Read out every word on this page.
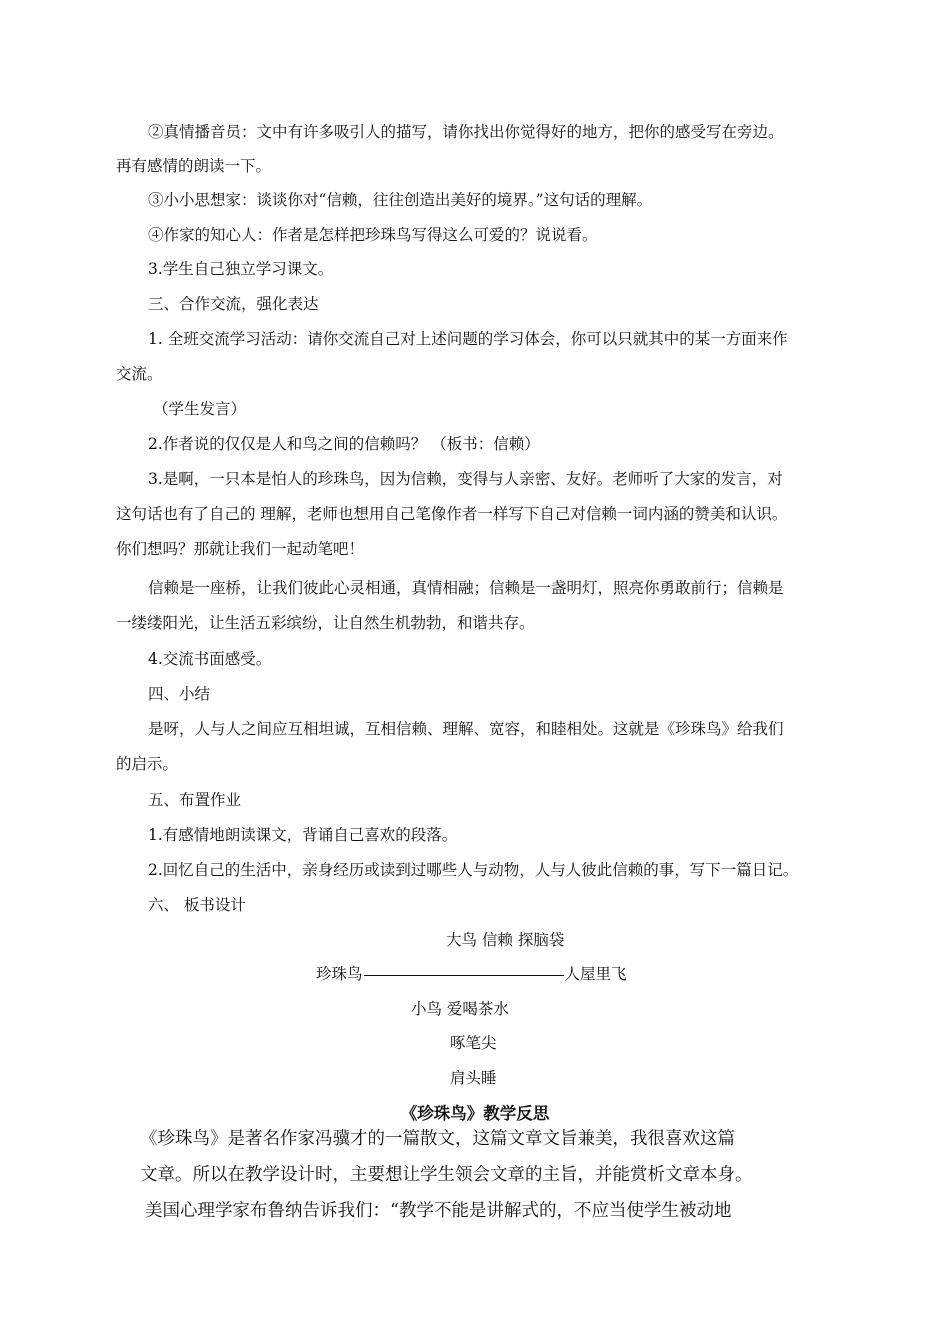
②真情播音员：文中有许多吸引人的描写，请你找出你觉得好的地方，把你的感受写在旁边。
再有感情的朗读一下。
③小小思想家：谈谈你对“信赖，往往创造出美好的境界。”这句话的理解。
④作家的知心人：作者是怎样把珍珠鸟写得这么可爱的？说说看。
3.学生自己独立学习课文。
三、合作交流，强化表达
1. 全班交流学习活动：请你交流自己对上述问题的学习体会，你可以只就其中的某一方面来作
交流。
（学生发言）
2.作者说的仅仅是人和鸟之间的信赖吗？ （板书：信赖）
3.是啊，一只本是怕人的珍珠鸟，因为信赖，变得与人亲密、友好。老师听了大家的发言，对
这句话也有了自己的 理解，老师也想用自己笔像作者一样写下自己对信赖一词内涵的赞美和认识。
你们想吗？那就让我们一起动笔吧！
信赖是一座桥，让我们彼此心灵相通，真情相融；信赖是一盏明灯，照亮你勇敢前行；信赖是
一缕缕阳光，让生活五彩缤纷，让自然生机勃勃，和谐共存。
4.交流书面感受。
四、小结
是呀，人与人之间应互相坦诚，互相信赖、理解、宽容，和睦相处。这就是《珍珠鸟》给我们
的启示。
五、布置作业
1.有感情地朗读课文，背诵自己喜欢的段落。
2.回忆自己的生活中，亲身经历或读到过哪些人与动物，人与人彼此信赖的事，写下一篇日记。
六、 板书设计
大鸟 信赖 探脑袋
珍珠鸟	人屋里飞
小鸟 爱喝茶水
啄笔尖
肩头睡
《珍珠鸟》教学反思
《珍珠鸟》是著名作家冯骥才的一篇散文，这篇文章文旨兼美，我很喜欢这篇
文章。所以在教学设计时，主要想让学生领会文章的主旨，并能赏析文章本身。
美国心理学家布鲁纳告诉我们：“教学不能是讲解式的，不应当使学生被动地
